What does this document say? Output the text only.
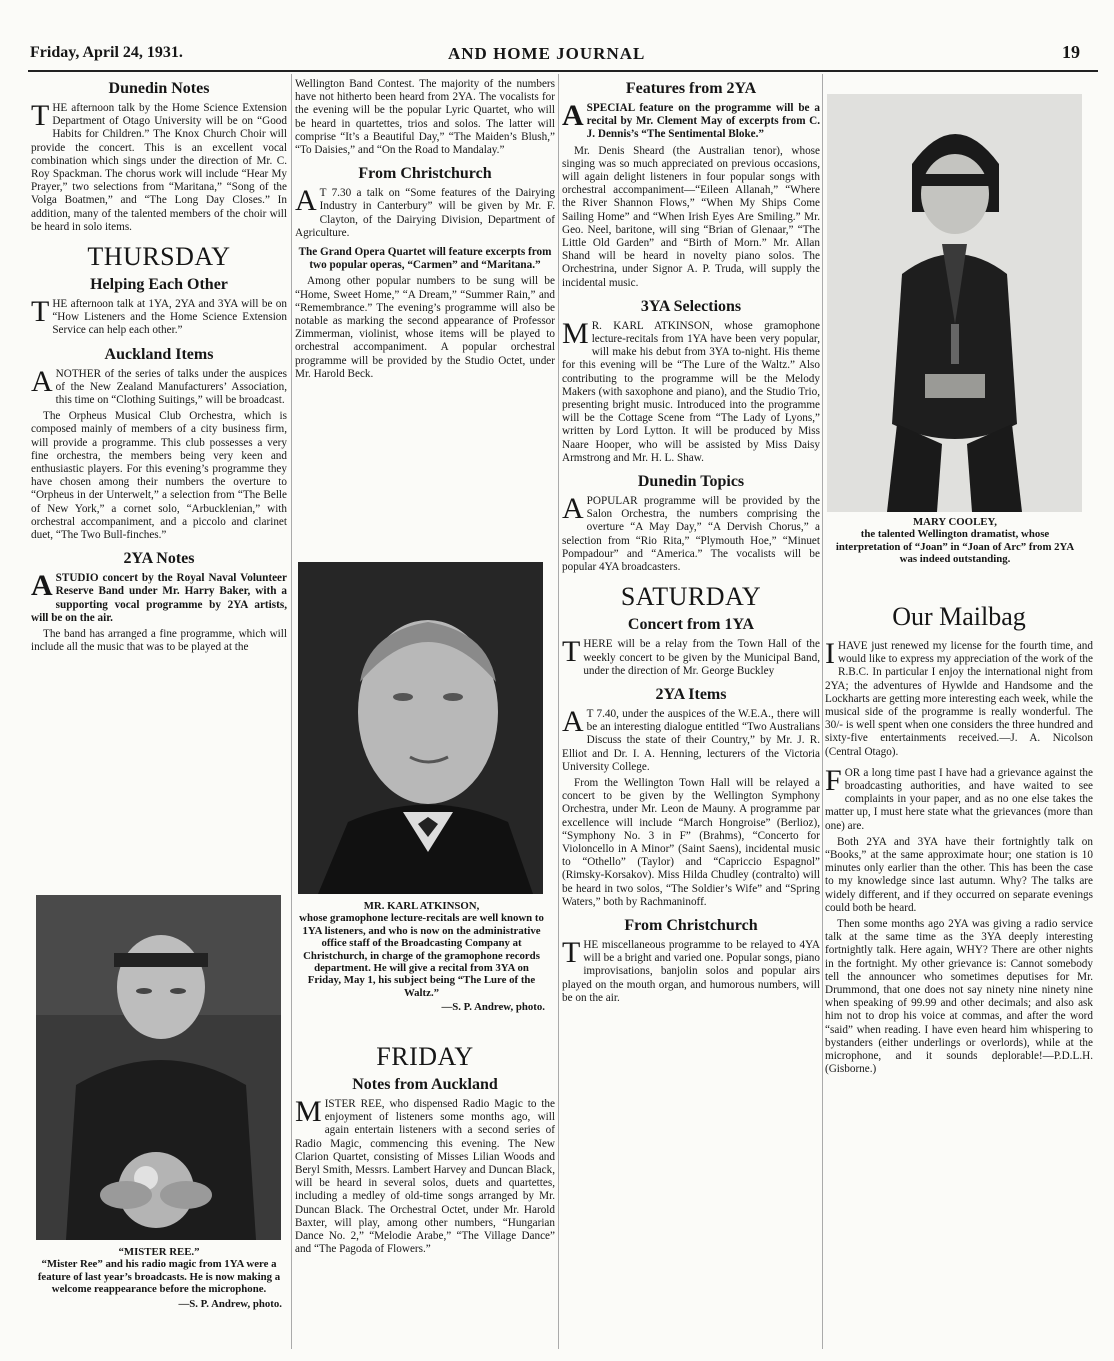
Friday, April 24, 1931.	AND HOME JOURNAL	19
Dunedin Notes

THE afternoon talk by the Home Science Extension Department of Otago University will be on “Good Habits for Children.” The Knox Church Choir will provide the concert. This is an excellent vocal combination which sings under the direction of Mr. C. Roy Spackman. The chorus work will include “Hear My Prayer,” two selections from “Maritana,” “Song of the Volga Boatmen,” and “The Long Day Closes.” In addition, many of the talented members of the choir will be heard in solo items.

THURSDAY
Helping Each Other

THE afternoon talk at 1YA, 2YA and 3YA will be on “How Listeners and the Home Science Extension Service can help each other.”

Auckland Items

ANOTHER of the series of talks under the auspices of the New Zealand Manufacturers’ Association, this time on “Clothing Suitings,” will be broadcast.

The Orpheus Musical Club Orchestra, which is composed mainly of members of a city business firm, will provide a programme. This club possesses a very fine orchestra, the members being very keen and enthusiastic players. For this evening’s programme they have chosen among their numbers the overture to “Orpheus in der Unterwelt,” a selection from “The Belle of New York,” a cornet solo, “Arbucklenian,” with orchestral accompaniment, and a piccolo and clarinet duet, “The Two Bull-finches.”

2YA Notes

ASTUDIO concert by the Royal Naval Volunteer Reserve Band under Mr. Harry Baker, with a supporting vocal programme by 2YA artists, will be on the air.

The band has arranged a fine programme, which will include all the music that was to be played at the

“MISTER REE.”
“Mister Ree” and his radio magic from 1YA were a feature of last year’s broadcasts. He is now making a welcome reappearance before the microphone.
—S. P. Andrew, photo.

Wellington Band Contest. The majority of the numbers have not hitherto been heard from 2YA. The vocalists for the evening will be the popular Lyric Quartet, who will be heard in quartettes, trios and solos. The latter will comprise “It’s a Beautiful Day,” “The Maiden’s Blush,” “To Daisies,” and “On the Road to Mandalay.”

From Christchurch

A T 7.30 a talk on “Some features of the Dairying Industry in Canterbury” will be given by Mr. F. Clayton, of the Dairying Division, Department of Agriculture.

The Grand Opera Quartet will feature excerpts from two popular operas, “Carmen” and “Maritana.”

Among other popular numbers to be sung will be “Home, Sweet Home,” “A Dream,” “Summer Rain,” and “Remembrance.” The evening’s programme will also be notable as marking the second appearance of Professor Zimmerman, violinist, whose items will be played to orchestral accompaniment. A popular orchestral programme will be provided by the Studio Octet, under Mr. Harold Beck.

MR. KARL ATKINSON,
whose gramophone lecture-recitals are well known to 1YA listeners, and who is now on the administrative office staff of the Broadcasting Company at Christchurch, in charge of the gramophone records department. He will give a recital from 3YA on Friday, May 1, his subject being “The Lure of the Waltz.”
—S. P. Andrew, photo.
FRIDAY
Notes from Auckland

MISTER REE, who dispensed Radio Magic to the enjoyment of listeners some months ago, will again entertain listeners with a second series of Radio Magic, commencing this evening. The New Clarion Quartet, consisting of Misses Lilian Woods and Beryl Smith, Messrs. Lambert Harvey and Duncan Black, will be heard in several solos, duets and quartettes, including a medley of old-time songs arranged by Mr. Duncan Black. The Orchestral Octet, under Mr. Harold Baxter, will play, among other numbers, “Hungarian Dance No. 2,” “Melodie Arabe,” “The Village Dance” and “The Pagoda of Flowers.”

Features from 2YA

ASPECIAL feature on the programme will be a recital by Mr. Clement May of excerpts from C. J. Dennis’s “The Sentimental Bloke.”

Mr. Denis Sheard (the Australian tenor), whose singing was so much appreciated on previous occasions, will again delight listeners in four popular songs with orchestral accompaniment—“Eileen Allanah,” “Where the River Shannon Flows,” “When My Ships Come Sailing Home” and “When Irish Eyes Are Smiling.” Mr. Geo. Neel, baritone, will sing “Brian of Glenaar,” “The Little Old Garden” and “Birth of Morn.” Mr. Allan Shand will be heard in novelty piano solos. The Orchestrina, under Signor A. P. Truda, will supply the incidental music.

3YA Selections

M R. KARL ATKINSON, whose gramophone lecture-recitals from 1YA have been very popular, will make his debut from 3YA to-night. His theme for this evening will be “The Lure of the Waltz.” Also contributing to the programme will be the Melody Makers (with saxophone and piano), and the Studio Trio, presenting bright music. Introduced into the programme will be the Cottage Scene from “The Lady of Lyons,” written by Lord Lytton. It will be produced by Miss Naare Hooper, who will be assisted by Miss Daisy Armstrong and Mr. H. L. Shaw.

Dunedin Topics

APOPULAR programme will be provided by the Salon Orchestra, the numbers comprising the overture “A May Day,” “A Dervish Chorus,” a selection from “Rio Rita,” “Plymouth Hoe,” “Minuet Pompadour” and “America.” The vocalists will be popular 4YA broadcasters.

SATURDAY
Concert from 1YA

THERE will be a relay from the Town Hall of the weekly concert to be given by the Municipal Band, under the direction of Mr. George Buckley

2YA Items

A T 7.40, under the auspices of the W.E.A., there will be an interesting dialogue entitled “Two Australians Discuss the state of their Country,” by Mr. J. R. Elliot and Dr. I. A. Henning, lecturers of the Victoria University College.

From the Wellington Town Hall will be relayed a concert to be given by the Wellington Symphony Orchestra, under Mr. Leon de Mauny. A programme par excellence will include “March Hongroise” (Berlioz), “Symphony No. 3 in F” (Brahms), “Concerto for Violoncello in A Minor” (Saint Saens), incidental music to “Othello” (Taylor) and “Capriccio Espagnol” (Rimsky-Korsakov). Miss Hilda Chudley (contralto) will be heard in two solos, “The Soldier’s Wife” and “Spring Waters,” both by Rachmaninoff.

From Christchurch

THE miscellaneous programme to be relayed to 4YA will be a bright and varied one. Popular songs, piano improvisations, banjolin solos and popular airs played on the mouth organ, and humorous numbers, will be on the air.

MARY COOLEY,
the talented Wellington dramatist, whose interpretation of “Joan” in “Joan of Arc” from 2YA was indeed outstanding.
Our Mailbag

IHAVE just renewed my license for the fourth time, and would like to express my appreciation of the work of the R.B.C. In particular I enjoy the international night from 2YA; the adventures of Hywlde and Handsome and the Lockharts are getting more interesting each week, while the musical side of the programme is really wonderful. The 30/- is well spent when one considers the three hundred and sixty-five entertainments received.—J. A. Nicolson (Central Otago).

FOR a long time past I have had a grievance against the broadcasting authorities, and have waited to see complaints in your paper, and as no one else takes the matter up, I must here state what the grievances (more than one) are.

Both 2YA and 3YA have their fortnightly talk on “Books,” at the same approximate hour; one station is 10 minutes only earlier than the other. This has been the case to my knowledge since last autumn. Why? The talks are widely different, and if they occurred on separate evenings could both be heard.

Then some months ago 2YA was giving a radio service talk at the same time as the 3YA deeply interesting fortnightly talk. Here again, WHY? There are other nights in the fortnight. My other grievance is: Cannot somebody tell the announcer who sometimes deputises for Mr. Drummond, that one does not say ninety nine ninety nine when speaking of 99.99 and other decimals; and also ask him not to drop his voice at commas, and after the word “said” when reading. I have even heard him whispering to bystanders (either underlings or overlords), while at the microphone, and it sounds deplorable!—P.D.L.H. (Gisborne.)
